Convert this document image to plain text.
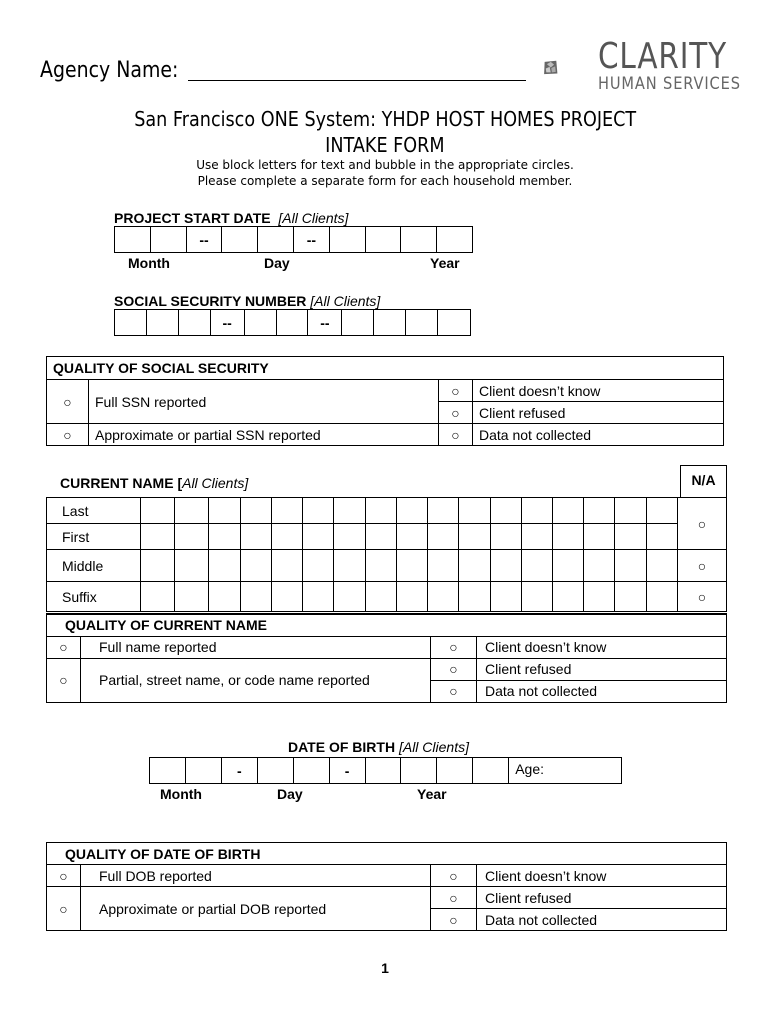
Agency Name:	CLARITY
HUMAN SERVICES
San Francisco ONE System: YHDP HOST HOMES PROJECT
INTAKE FORM
Use block letters for text and bubble in the appropriate circles.
Please complete a separate form for each household member.
PROJECT START DATE [All Clients]
--	--
Month	Day	Year
SOCIAL SECURITY NUMBER [All Clients]
--	--
QUALITY OF SOCIAL SECURITY			
○	Full SSN reported	○	Client doesn’t know
		○	Client refused
○	Approximate or partial SSN reported	○	Data not collected
CURRENT NAME [All Clients]	N/A
Last																		○
First																		
Middle																		○
Suffix																		○
QUALITY OF CURRENT NAME			
○	Full name reported	○	Client doesn’t know
○	Partial, street name, or code name reported	○	Client refused
		○	Data not collected
DATE OF BIRTH [All Clients]
-	-	Age:
Month	Day	Year
QUALITY OF DATE OF BIRTH			
○	Full DOB reported	○	Client doesn’t know
○	Approximate or partial DOB reported	○	Client refused
		○	Data not collected
1
